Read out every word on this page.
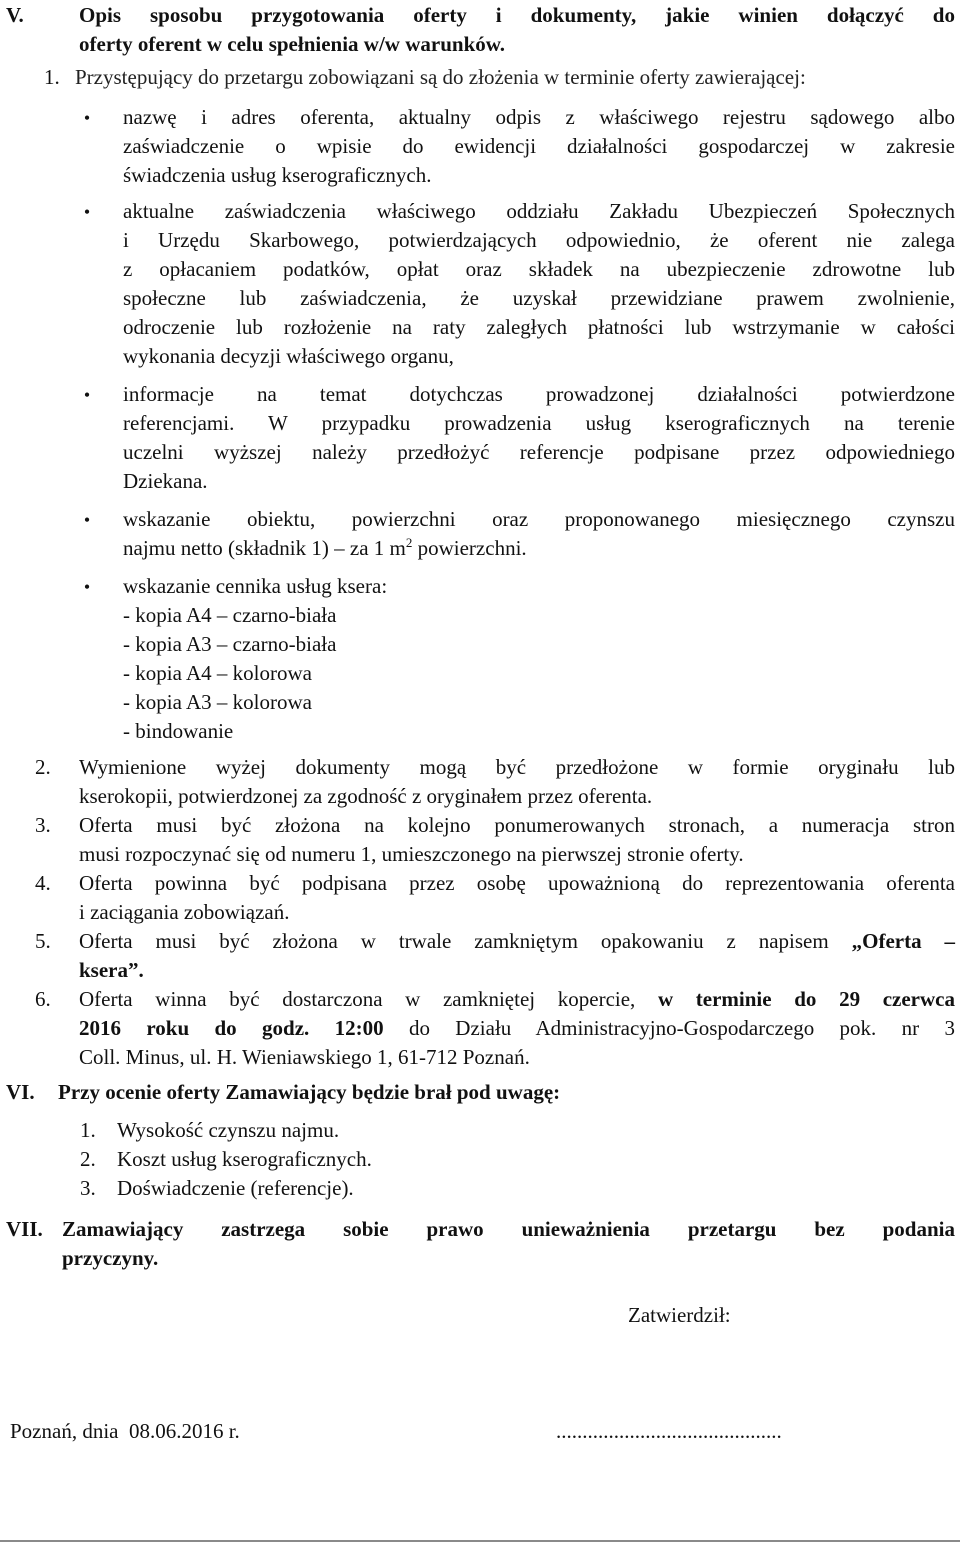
V.	Opis sposobu przygotowania oferty i dokumenty, jakie winien dołączyć do
oferty oferent w celu spełnienia w/w warunków.
1. Przystępujący do przetargu zobowiązani są do złożenia w terminie oferty zawierającej:
• nazwę i adres oferenta, aktualny odpis z właściwego rejestru sądowego albo

zaświadczenie o wpisie do ewidencji działalności gospodarczej w zakresie

świadczenia usług kserograficznych.

• aktualne zaświadczenia właściwego oddziału Zakładu Ubezpieczeń Społecznych

i Urzędu Skarbowego, potwierdzających odpowiednio, że oferent nie zalega

z opłacaniem podatków, opłat oraz składek na ubezpieczenie zdrowotne lub

społeczne lub zaświadczenia, że uzyskał przewidziane prawem zwolnienie,

odroczenie lub rozłożenie na raty zaległych płatności lub wstrzymanie w całości

wykonania decyzji właściwego organu,

• informacje na temat dotychczas prowadzonej działalności potwierdzone

referencjami. W przypadku prowadzenia usług kserograficznych na terenie

uczelni wyższej należy przedłożyć referencje podpisane przez odpowiedniego

Dziekana.

• wskazanie obiektu, powierzchni oraz proponowanego miesięcznego czynszu

najmu netto (składnik 1) – za 1 $m^2$ powierzchni.

• wskazanie cennika usług ksera:

- kopia A4 – czarno-biała

- kopia A3 – czarno-biała

- kopia A4 – kolorowa

- kopia A3 – kolorowa

- bindowanie

2.	Wymienione wyżej dokumenty mogą być przedłożone w formie oryginału lub

kserokopii, potwierdzonej za zgodność z oryginałem przez oferenta.

3.	Oferta musi być złożona na kolejno ponumerowanych stronach, a numeracja stron

musi rozpoczynać się od numeru 1, umieszczonego na pierwszej stronie oferty.

4.	Oferta powinna być podpisana przez osobę upoważnioną do reprezentowania oferenta

i zaciągania zobowiązań.

5.	Oferta musi być złożona w trwale zamkniętym opakowaniu z napisem „Oferta –

ksera”.

6.	Oferta winna być dostarczona w zamkniętej kopercie, w terminie do 29 czerwca

2016 roku do godz. 12:00 do Działu Administracyjno-Gospodarczego pok. nr 3

Coll. Minus, ul. H. Wieniawskiego 1, 61-712 Poznań.

VI. Przy ocenie oferty Zamawiający będzie brał pod uwagę:
1.	Wysokość czynszu najmu.
2.	Koszt usług kserograficznych.
3.	Doświadczenie (referencje).
VII. Zamawiający zastrzega sobie prawo unieważnienia przetargu bez podania
przyczyny.
Zatwierdził:
Poznań, dnia  08.06.2016 r.	...........................................
